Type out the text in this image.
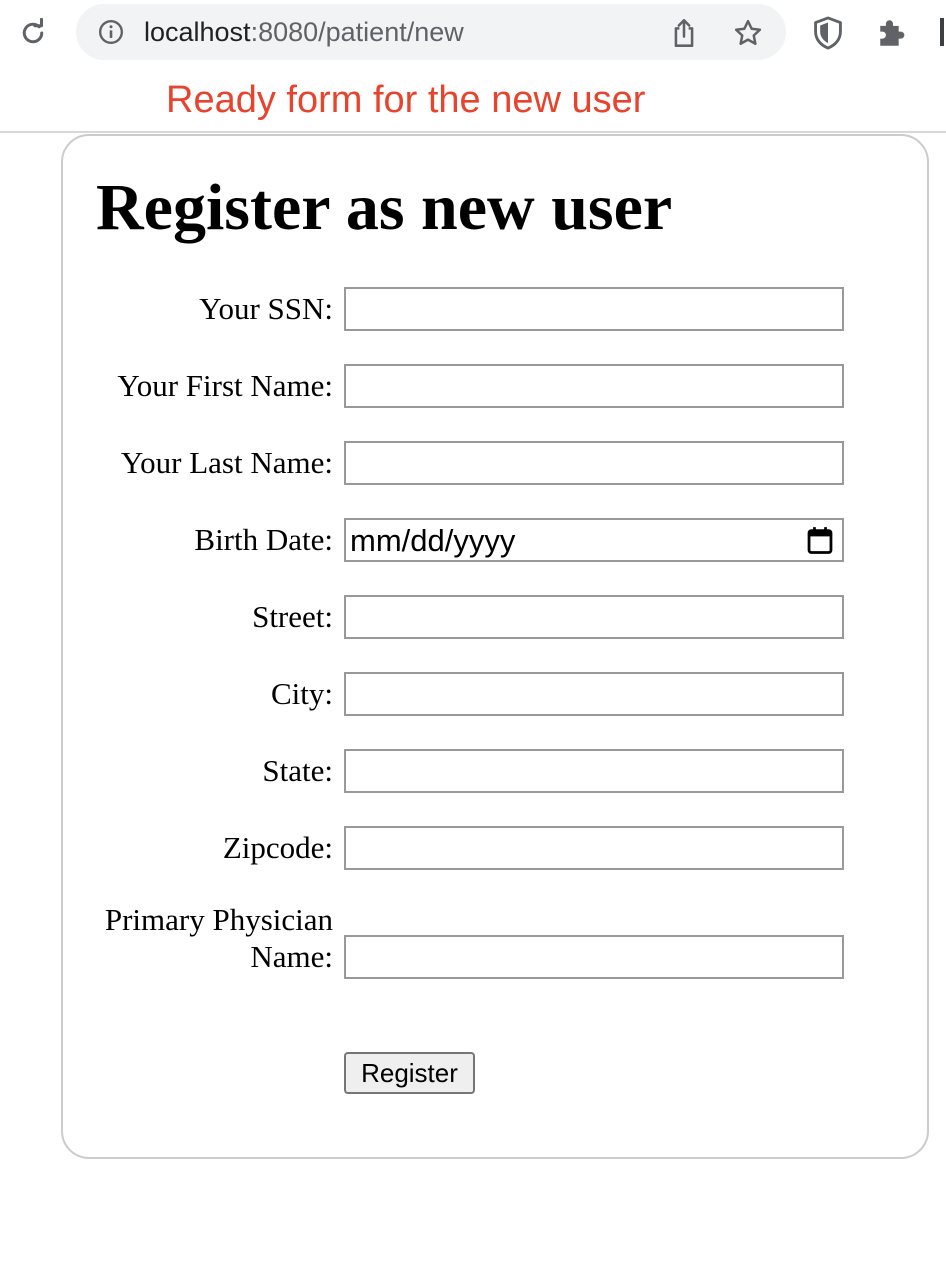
localhost:8080/patient/new
Ready form for the new user
Register as new user
Your SSN:
Your First Name:
Your Last Name:
Birth Date: mm/dd/yyyy
Street:
City:
State:
Zipcode:
Primary Physician
Name:
Register
